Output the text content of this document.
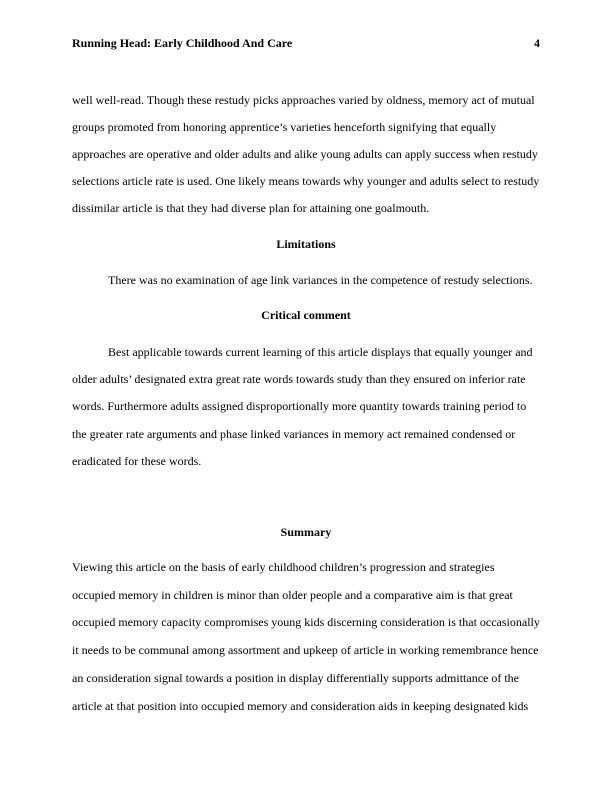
Running Head: Early Childhood And Care	4
well well-read. Though these restudy picks approaches varied by oldness, memory act of mutual
groups promoted from honoring apprentice’s varieties henceforth signifying that equally
approaches are operative and older adults and alike young adults can apply success when restudy
selections article rate is used. One likely means towards why younger and adults select to restudy
dissimilar article is that they had diverse plan for attaining one goalmouth.
Limitations
There was no examination of age link variances in the competence of restudy selections.
Critical comment
Best applicable towards current learning of this article displays that equally younger and
older adults’ designated extra great rate words towards study than they ensured on inferior rate
words. Furthermore adults assigned disproportionally more quantity towards training period to
the greater rate arguments and phase linked variances in memory act remained condensed or
eradicated for these words.
Summary
Viewing this article on the basis of early childhood children’s progression and strategies
occupied memory in children is minor than older people and a comparative aim is that great
occupied memory capacity compromises young kids discerning consideration is that occasionally
it needs to be communal among assortment and upkeep of article in working remembrance hence
an consideration signal towards a position in display differentially supports admittance of the
article at that position into occupied memory and consideration aids in keeping designated kids
